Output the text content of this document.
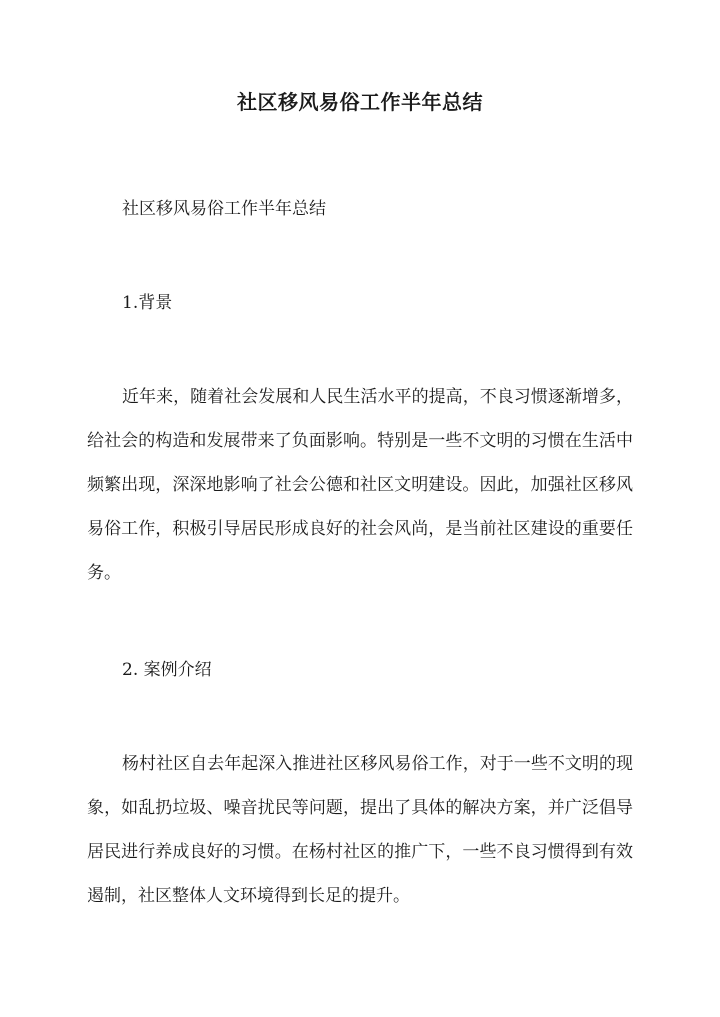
社区移风易俗工作半年总结
社区移风易俗工作半年总结
1.背景

近年来，随着社会发展和人民生活水平的提高，不良习惯逐渐增多，给社会的构造和发展带来了负面影响。特别是一些不文明的习惯在生活中频繁出现，深深地影响了社会公德和社区文明建设。因此，加强社区移风易俗工作，积极引导居民形成良好的社会风尚，是当前社区建设的重要任务。

2. 案例介绍

杨村社区自去年起深入推进社区移风易俗工作，对于一些不文明的现象，如乱扔垃圾、噪音扰民等问题，提出了具体的解决方案，并广泛倡导居民进行养成良好的习惯。在杨村社区的推广下，一些不良习惯得到有效遏制，社区整体人文环境得到长足的提升。
